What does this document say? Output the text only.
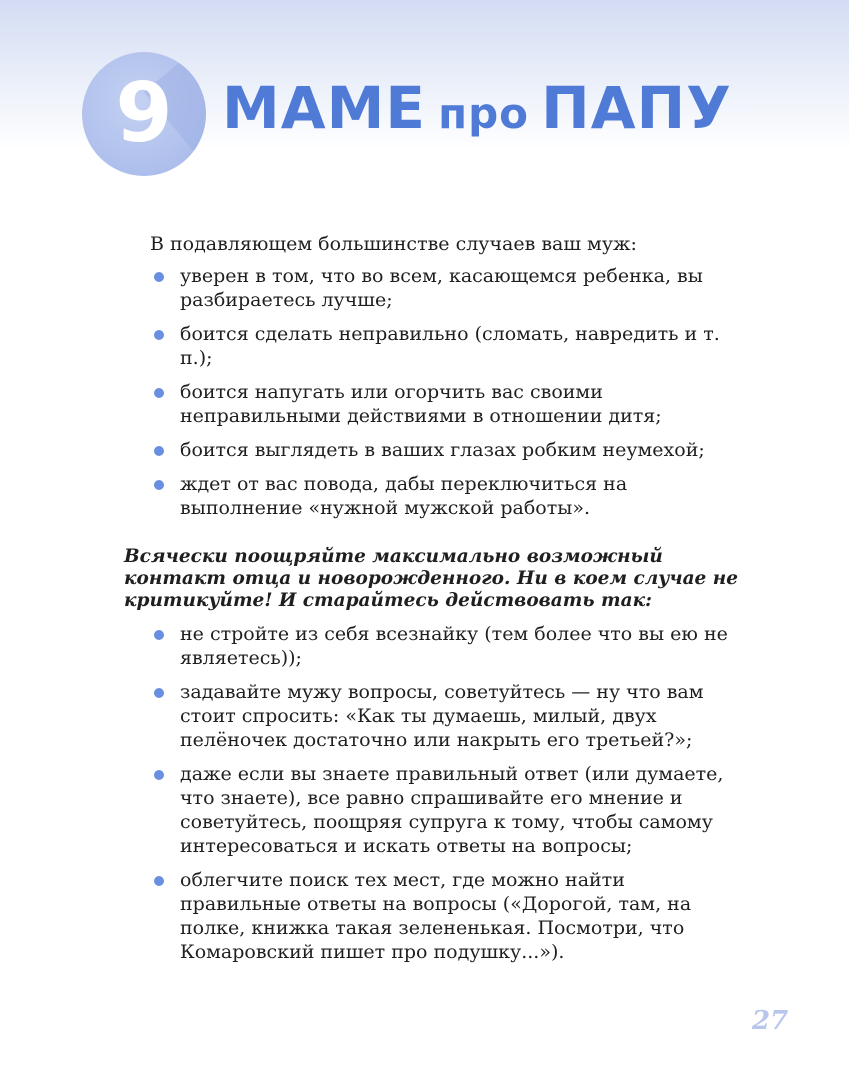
9 МАМЕ про ПАПУ

В подавляющем большинстве случаев ваш муж:

уверен в том, что во всем, касающемся ребенка, вы разбираетесь лучше;
боится сделать неправильно (сломать, навредить и т. п.);
боится напугать или огорчить вас своими неправильными действиями в отношении дитя;
боится выглядеть в ваших глазах робким неумехой;
ждет от вас повода, дабы переключиться на выполнение «нужной мужской работы».

Всячески поощряйте максимально возможный контакт отца и новорожденного. Ни в коем случае не критикуйте! И старайтесь действовать так:

не стройте из себя всезнайку (тем более что вы ею не являетесь));
задавайте мужу вопросы, советуйтесь — ну что вам стоит спросить: «Как ты думаешь, милый, двух пелёночек достаточно или накрыть его третьей?»;
даже если вы знаете правильный ответ (или думаете, что знаете), все равно спрашивайте его мнение и советуйтесь, поощряя супруга к тому, чтобы самому интересоваться и искать ответы на вопросы;
облегчите поиск тех мест, где можно найти правильные ответы на вопросы («Дорогой, там, на полке, книжка такая зелененькая. Посмотри, что Комаровский пишет про подушку...»).
27
